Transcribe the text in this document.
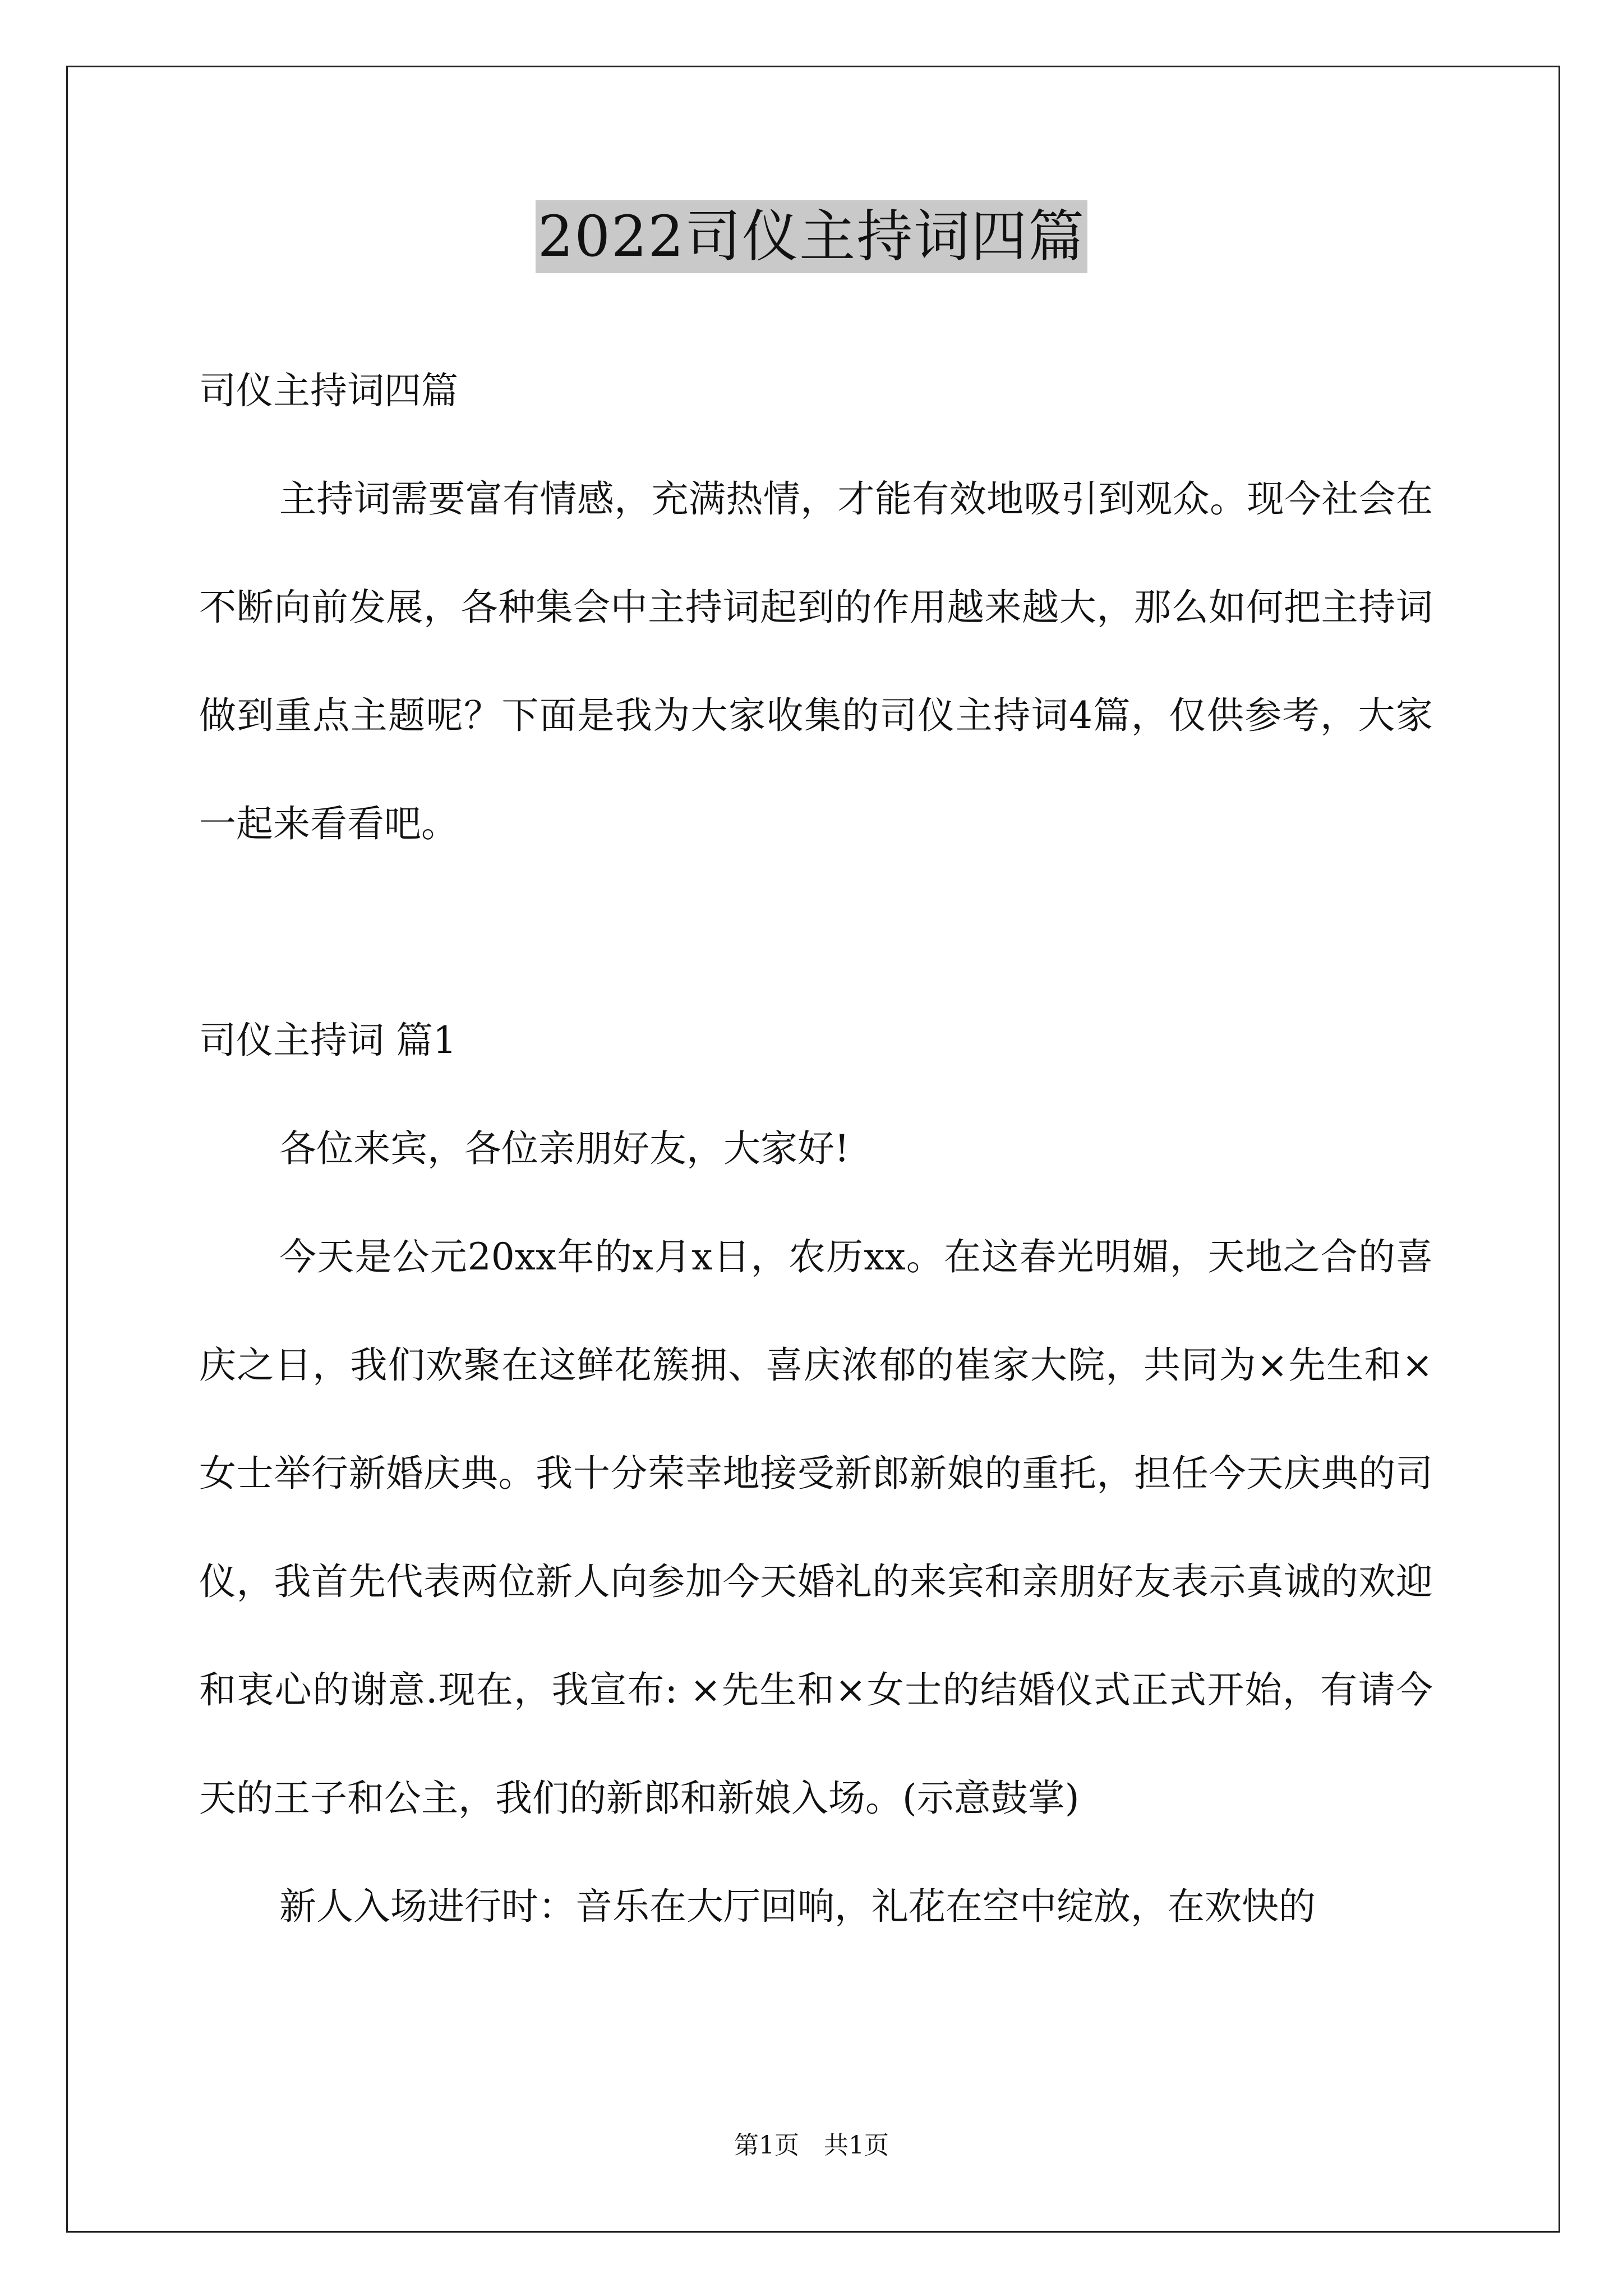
2022司仪主持词四篇

司仪主持词四篇

主持词需要富有情感，充满热情，才能有效地吸引到观众。现今社会在不断向前发展，各种集会中主持词起到的作用越来越大，那么如何把主持词做到重点主题呢？下面是我为大家收集的司仪主持词4篇，仅供参考，大家一起来看看吧。

司仪主持词 篇1

各位来宾，各位亲朋好友，大家好!

今天是公元20xx年的x月x日，农历xx。在这春光明媚，天地之合的喜庆之日，我们欢聚在这鲜花簇拥、喜庆浓郁的崔家大院，共同为×先生和×女士举行新婚庆典。我十分荣幸地接受新郎新娘的重托，担任今天庆典的司仪，我首先代表两位新人向参加今天婚礼的来宾和亲朋好友表示真诚的欢迎和衷心的谢意.现在，我宣布: ×先生和×女士的结婚仪式正式开始，有请今天的王子和公主，我们的新郎和新娘入场。(示意鼓掌)

新人入场进行时：音乐在大厅回响，礼花在空中绽放，在欢快的

第1页　共1页
